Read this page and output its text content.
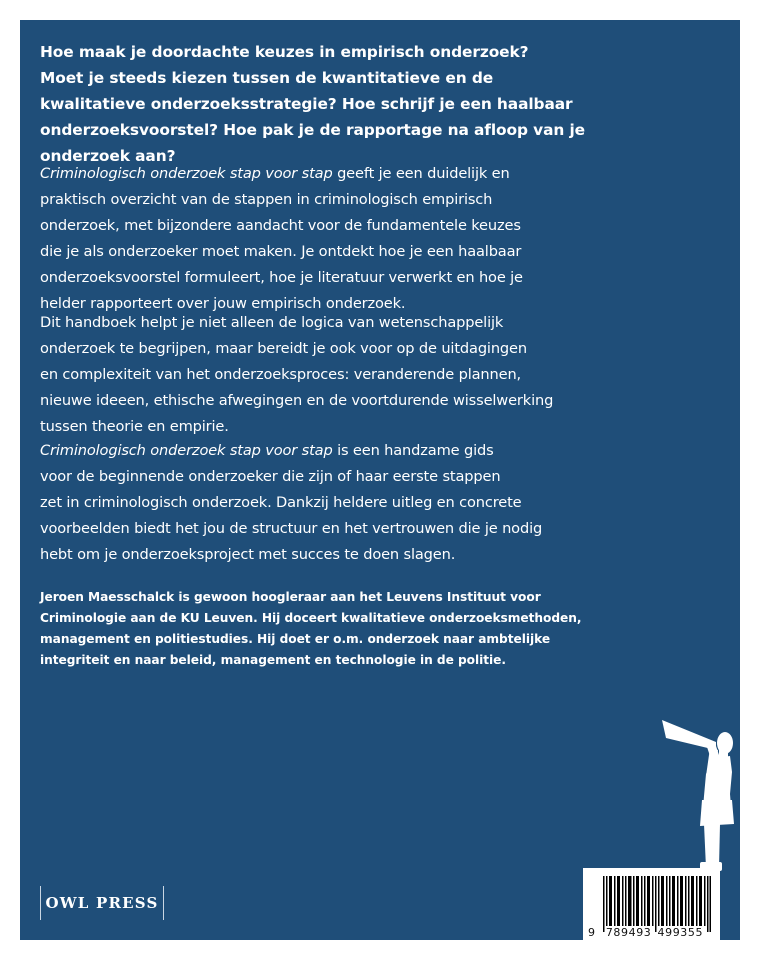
Hoe maak je doordachte keuzes in empirisch onderzoek?
Moet je steeds kiezen tussen de kwantitatieve en de
kwalitatieve onderzoeksstrategie? Hoe schrijf je een haalbaar
onderzoeksvoorstel? Hoe pak je de rapportage na afloop van je
onderzoek aan?
Criminologisch onderzoek stap voor stap geeft je een duidelijk en
praktisch overzicht van de stappen in criminologisch empirisch
onderzoek, met bijzondere aandacht voor de fundamentele keuzes
die je als onderzoeker moet maken. Je ontdekt hoe je een haalbaar
onderzoeksvoorstel formuleert, hoe je literatuur verwerkt en hoe je
helder rapporteert over jouw empirisch onderzoek.
Dit handboek helpt je niet alleen de logica van wetenschappelijk
onderzoek te begrijpen, maar bereidt je ook voor op de uitdagingen
en complexiteit van het onderzoeksproces: veranderende plannen,
nieuwe ideeen, ethische afwegingen en de voortdurende wisselwerking
tussen theorie en empirie.
Criminologisch onderzoek stap voor stap is een handzame gids
voor de beginnende onderzoeker die zijn of haar eerste stappen
zet in criminologisch onderzoek. Dankzij heldere uitleg en concrete
voorbeelden biedt het jou de structuur en het vertrouwen die je nodig
hebt om je onderzoeksproject met succes te doen slagen.
Jeroen Maesschalck is gewoon hoogleraar aan het Leuvens Instituut voor
Criminologie aan de KU Leuven. Hij doceert kwalitatieve onderzoeksmethoden,
management en politiestudies. Hij doet er o.m. onderzoek naar ambtelijke
integriteit en naar beleid, management en technologie in de politie.
OWL PRESS
9 789493 499355
